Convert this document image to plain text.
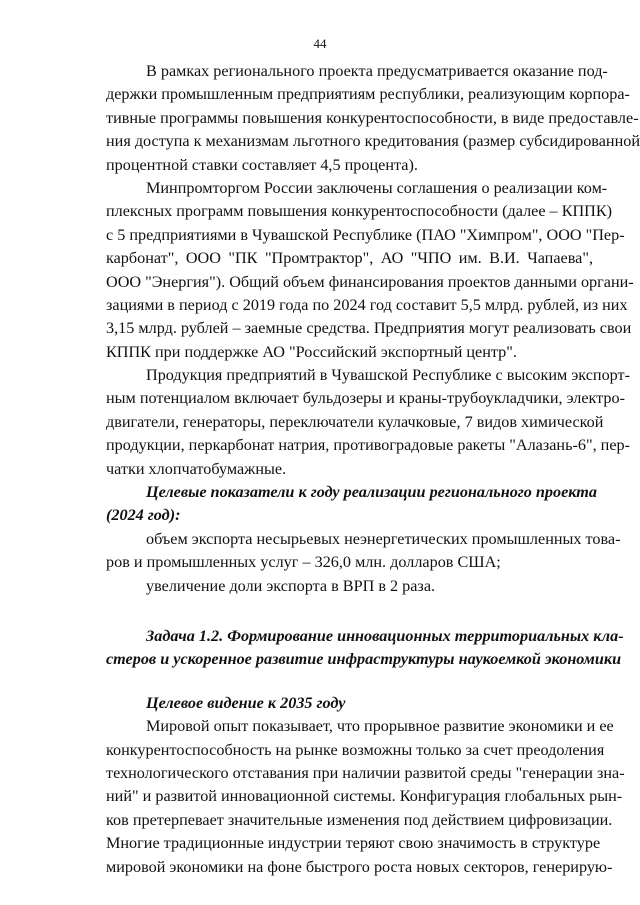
44
В рамках регионального проекта предусматривается оказание под-
держки промышленным предприятиям республики, реализующим корпора-
тивные программы повышения конкурентоспособности, в виде предоставле-
ния доступа к механизмам льготного кредитования (размер субсидированной
процентной ставки составляет 4,5 процента).
Минпромторгом России заключены соглашения о реализации ком-
плексных программ повышения конкурентоспособности (далее – КППК)
с 5 предприятиями в Чувашской Республике (ПАО "Химпром", ООО "Пер-
карбонат", ООО "ПК "Промтрактор", АО "ЧПО им. В.И. Чапаева",
ООО "Энергия"). Общий объем финансирования проектов данными органи-
зациями в период с 2019 года по 2024 год составит 5,5 млрд. рублей, из них
3,15 млрд. рублей – заемные средства. Предприятия могут реализовать свои
КППК при поддержке АО "Российский экспортный центр".
Продукция предприятий в Чувашской Республике с высоким экспорт-
ным потенциалом включает бульдозеры и краны-трубоукладчики, электро-
двигатели, генераторы, переключатели кулачковые, 7 видов химической
продукции, перкарбонат натрия, противоградовые ракеты "Алазань-6", пер-
чатки хлопчатобумажные.
Целевые показатели к году реализации регионального проекта
(2024 год):
объем экспорта несырьевых неэнергетических промышленных това-
ров и промышленных услуг – 326,0 млн. долларов США;
увеличение доли экспорта в ВРП в 2 раза.
Задача 1.2. Формирование инновационных территориальных кла-
стеров и ускоренное развитие инфраструктуры наукоемкой экономики
Целевое видение к 2035 году
Мировой опыт показывает, что прорывное развитие экономики и ее
конкурентоспособность на рынке возможны только за счет преодоления
технологического отставания при наличии развитой среды "генерации зна-
ний" и развитой инновационной системы. Конфигурация глобальных рын-
ков претерпевает значительные изменения под действием цифровизации.
Многие традиционные индустрии теряют свою значимость в структуре
мировой экономики на фоне быстрого роста новых секторов, генерирую-
